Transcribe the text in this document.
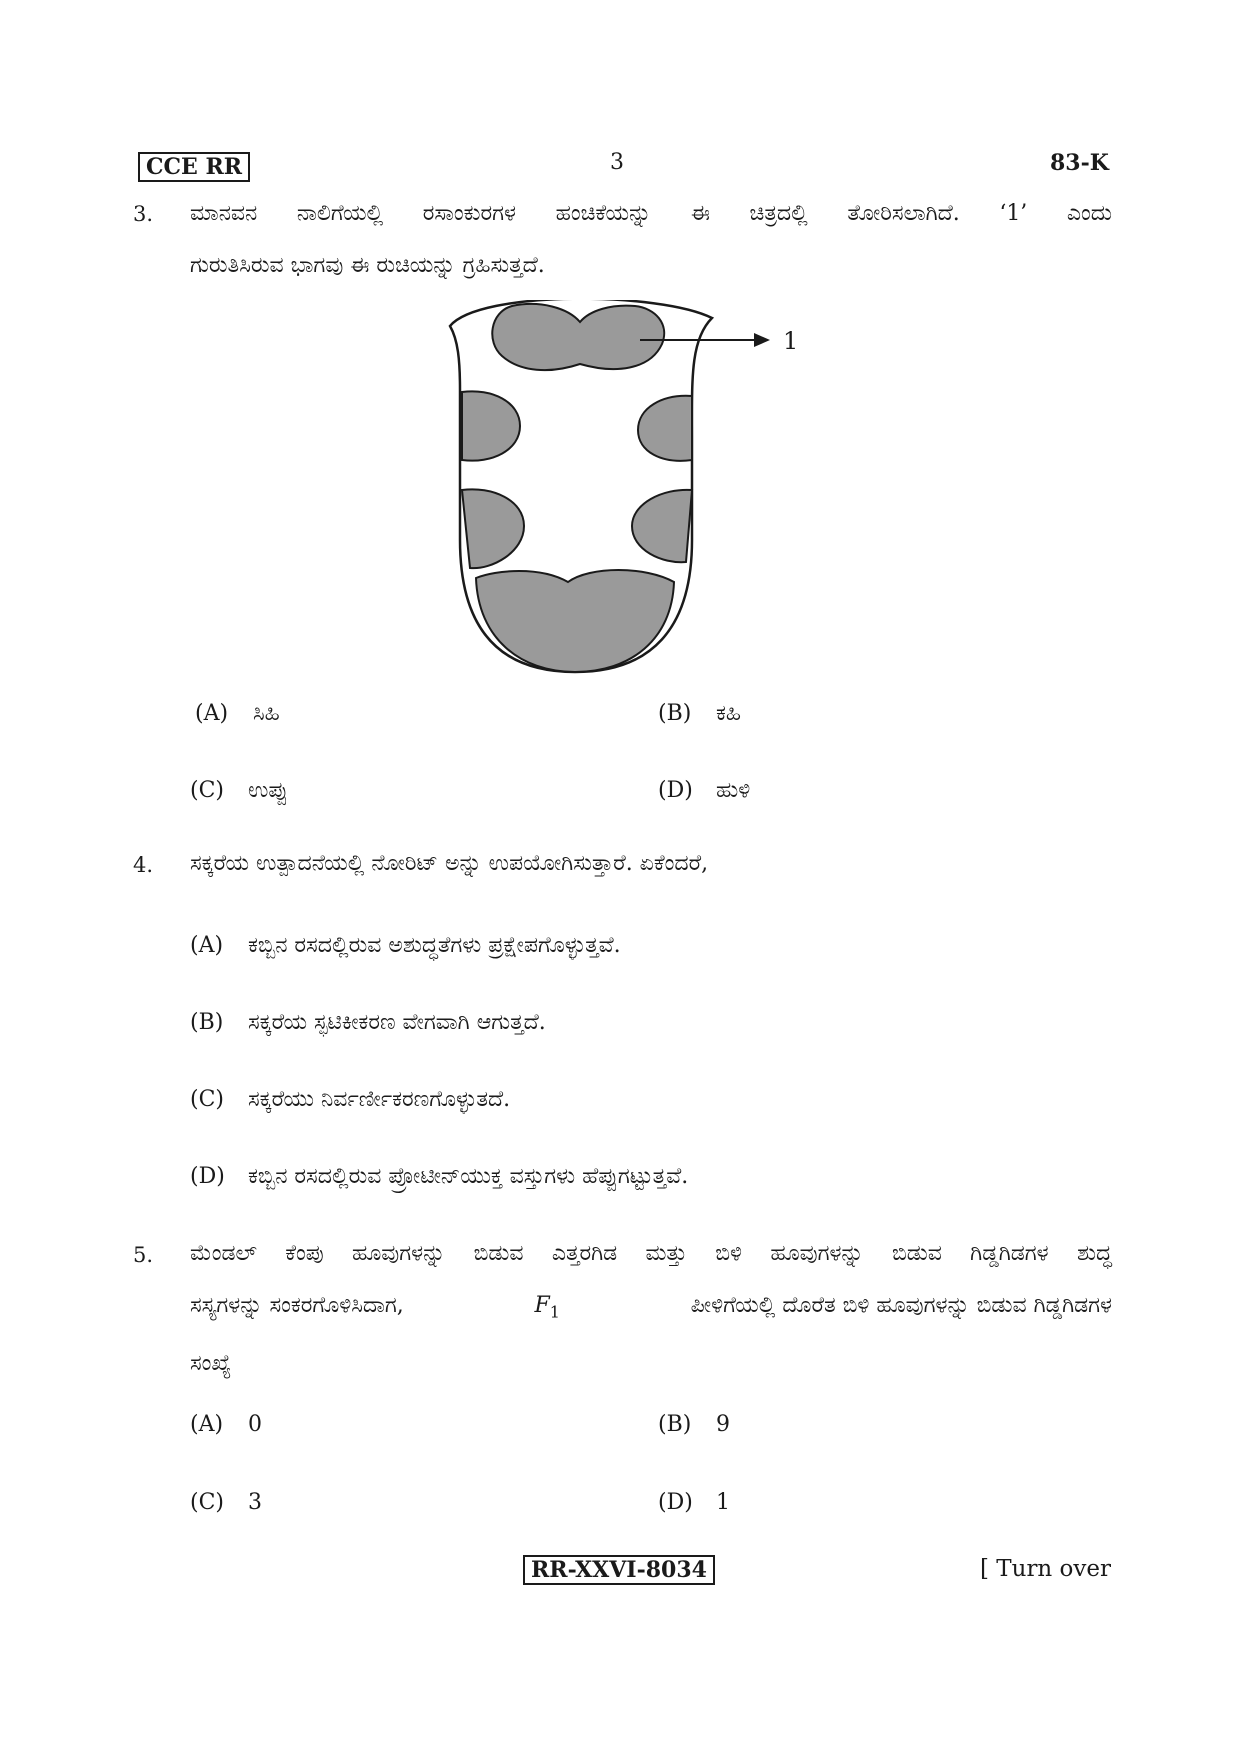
CCE RR	3	83-K
3. ಮಾನವನ ನಾಲಿಗೆಯಲ್ಲಿ ರಸಾಂಕುರಗಳ ಹಂಚಿಕೆಯನ್ನು ಈ ಚಿತ್ರದಲ್ಲಿ ತೋರಿಸಲಾಗಿದೆ. ‘1’ ಎಂದು
ಗುರುತಿಸಿರುವ ಭಾಗವು ಈ ರುಚಿಯನ್ನು ಗ್ರಹಿಸುತ್ತದೆ.
1
(A) ಸಿಹಿ	(B) ಕಹಿ
(C) ಉಪ್ಪು	(D) ಹುಳಿ
4. ಸಕ್ಕರೆಯ ಉತ್ಪಾದನೆಯಲ್ಲಿ ನೋರಿಟ್ ಅನ್ನು ಉಪಯೋಗಿಸುತ್ತಾರೆ. ಏಕೆಂದರೆ,
(A) ಕಬ್ಬಿನ ರಸದಲ್ಲಿರುವ ಅಶುದ್ಧತೆಗಳು ಪ್ರಕ್ಷೇಪಗೊಳ್ಳುತ್ತವೆ.
(B) ಸಕ್ಕರೆಯ ಸ್ಫಟಿಕೀಕರಣ ವೇಗವಾಗಿ ಆಗುತ್ತದೆ.
(C) ಸಕ್ಕರೆಯು ನಿರ್ವರ್ಣೀಕರಣಗೊಳ್ಳುತದೆ.
(D) ಕಬ್ಬಿನ ರಸದಲ್ಲಿರುವ ಪ್ರೋಟೀನ್‌ಯುಕ್ತ ವಸ್ತುಗಳು ಹೆಪ್ಪುಗಟ್ಟುತ್ತವೆ.
5. ಮೆಂಡಲ್ ಕೆಂಪು ಹೂವುಗಳನ್ನು ಬಿಡುವ ಎತ್ತರಗಿಡ ಮತ್ತು ಬಿಳಿ ಹೂವುಗಳನ್ನು ಬಿಡುವ ಗಿಡ್ಡಗಿಡಗಳ ಶುದ್ಧ
ಸಸ್ಯಗಳನ್ನು ಸಂಕರಗೊಳಿಸಿದಾಗ,	$F_1$	ಪೀಳಿಗೆಯಲ್ಲಿ ದೊರೆತ ಬಿಳಿ ಹೂವುಗಳನ್ನು ಬಿಡುವ ಗಿಡ್ಡಗಿಡಗಳ
ಸಂಖ್ಯೆ
(A) 0	(B) 9
(C) 3	(D) 1
RR-XXVI-8034	[ Turn over
